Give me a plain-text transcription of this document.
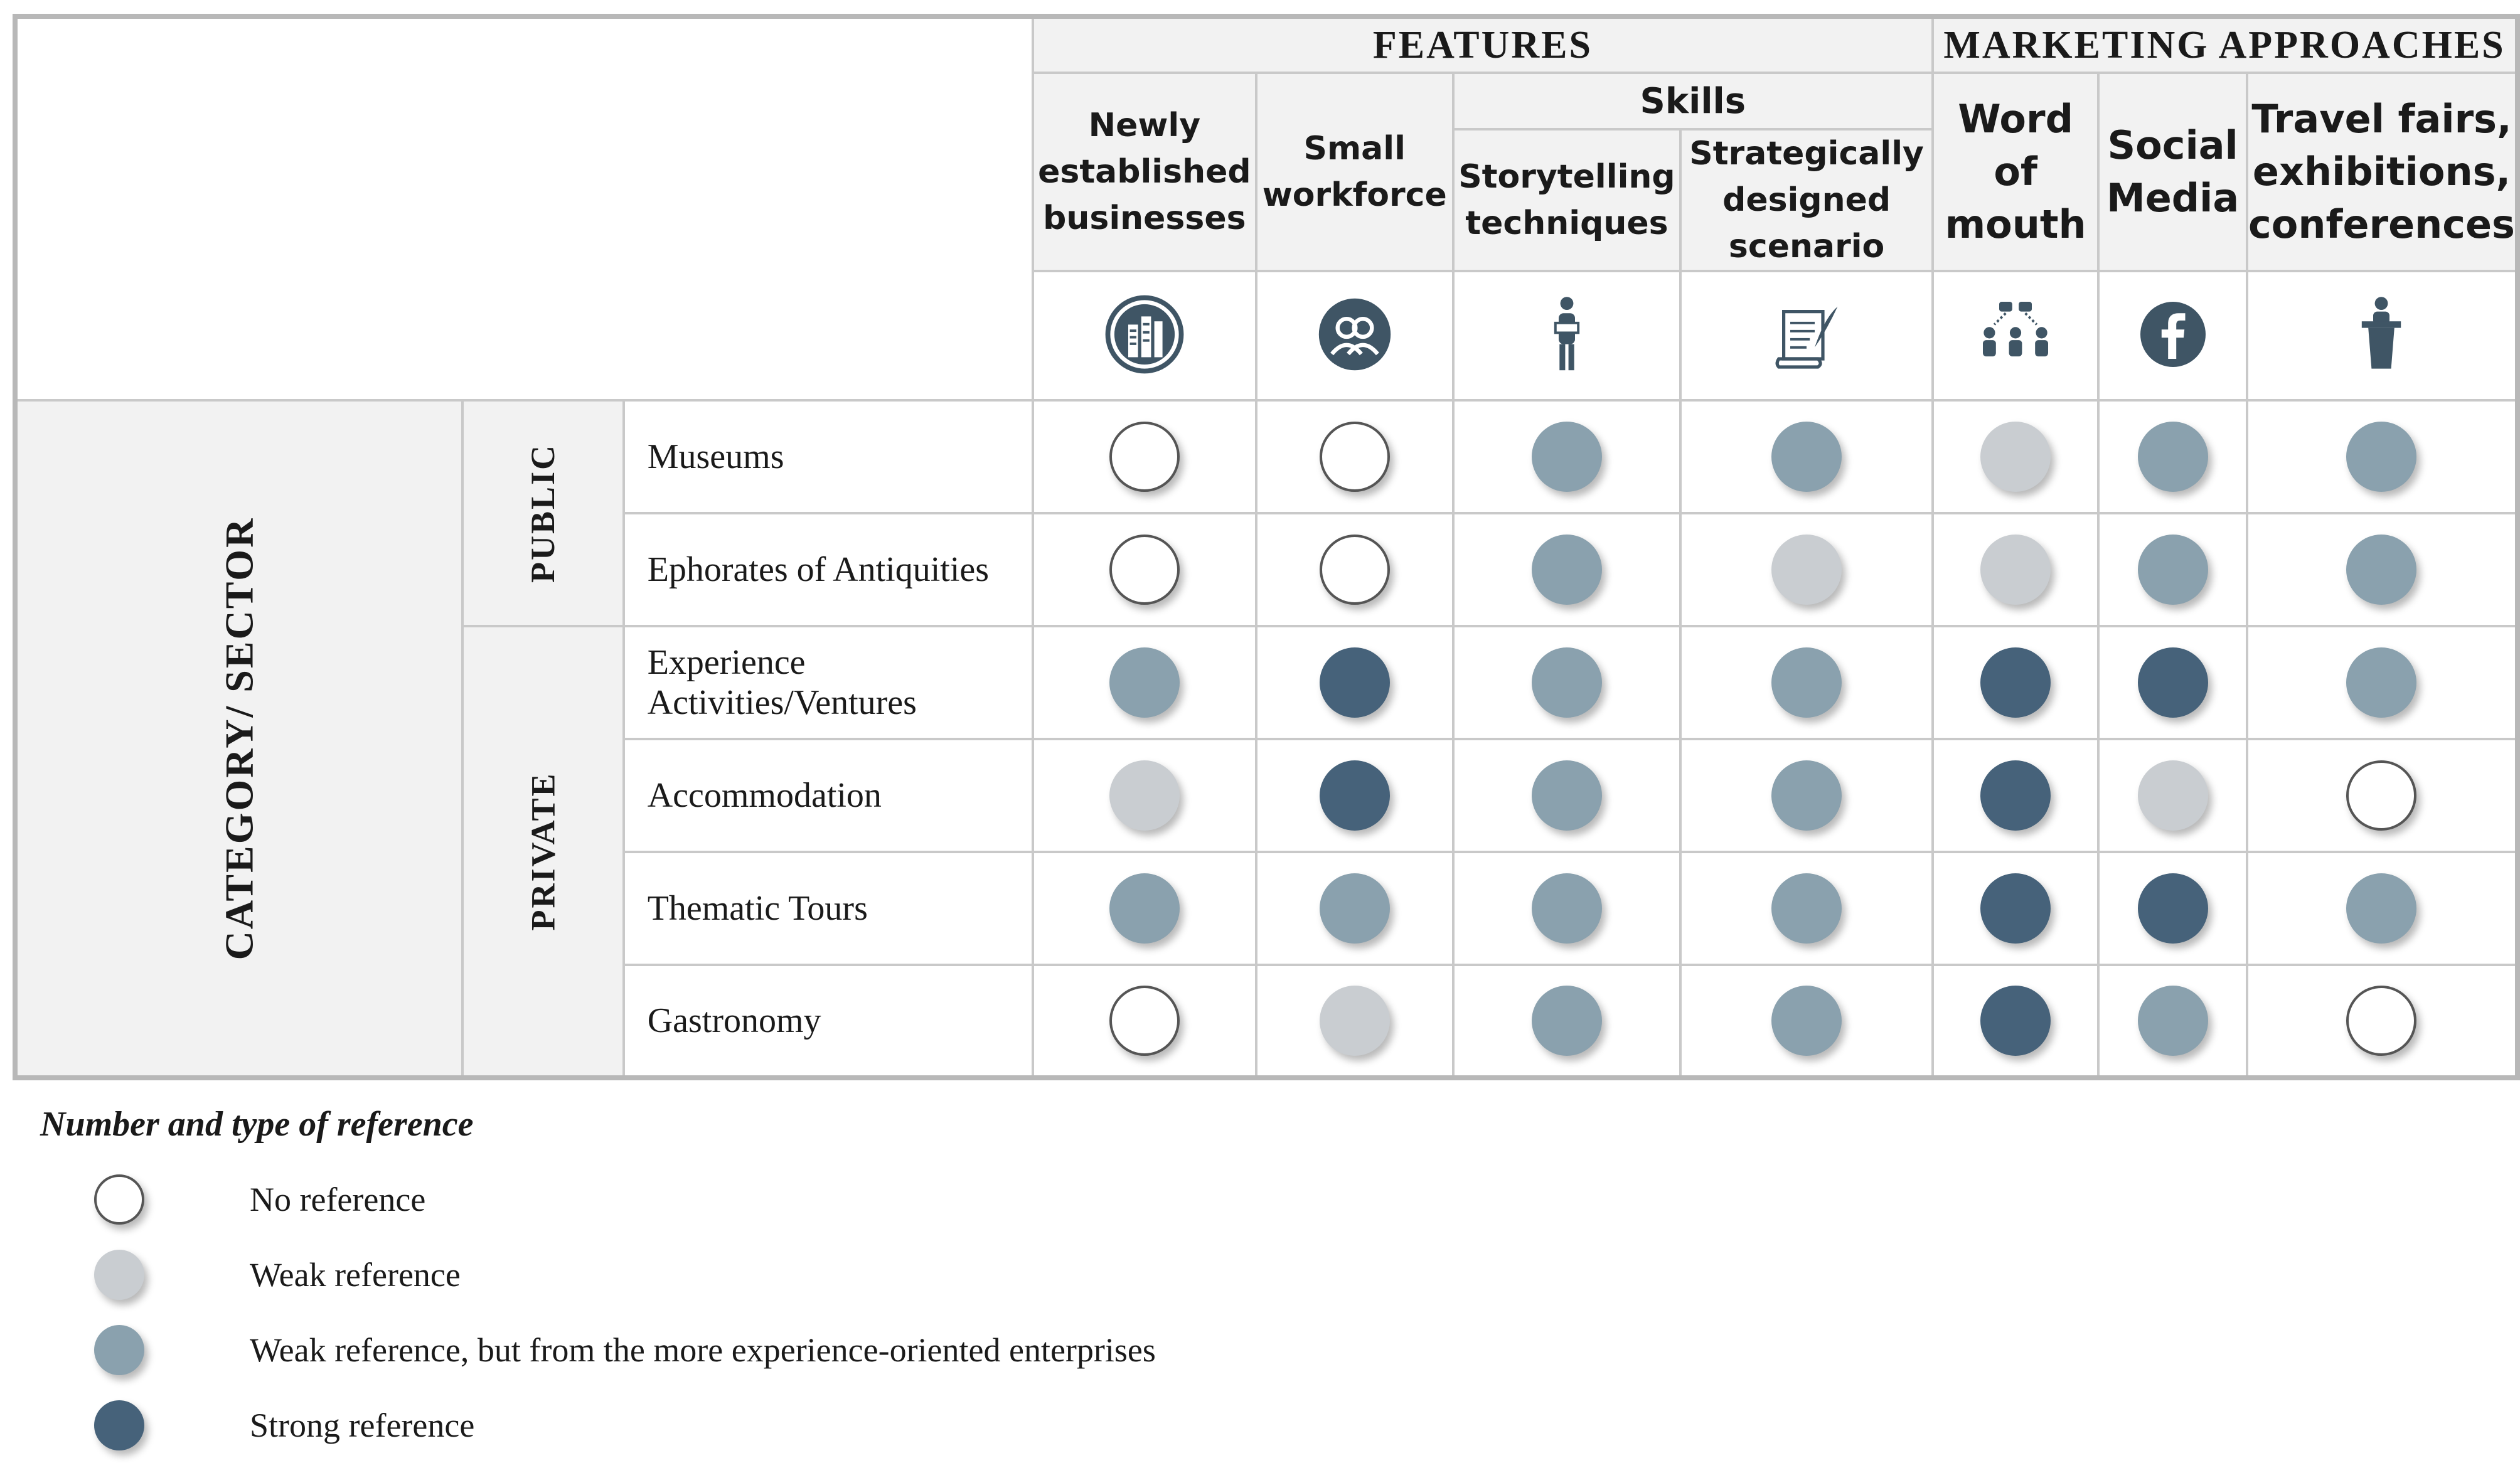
			FEATURES				MARKETING APPROACHES		

			Newly established businesses	Small workforce	Skills		Word of mouth	Social Media	Travel fairs, exhibitions, conferences

					Storytelling techniques	Strategically designed scenario			

CATEGORY/ SECTOR	PUBLIC	Museums							
		Ephorates of Antiquities							
	PRIVATE	Experience Activities/Ventures							
		Accommodation							
		Thematic Tours							
		Gastronomy							
Number and type of reference
No reference
Weak reference
Weak reference, but from the more experience-oriented enterprises
Strong reference
